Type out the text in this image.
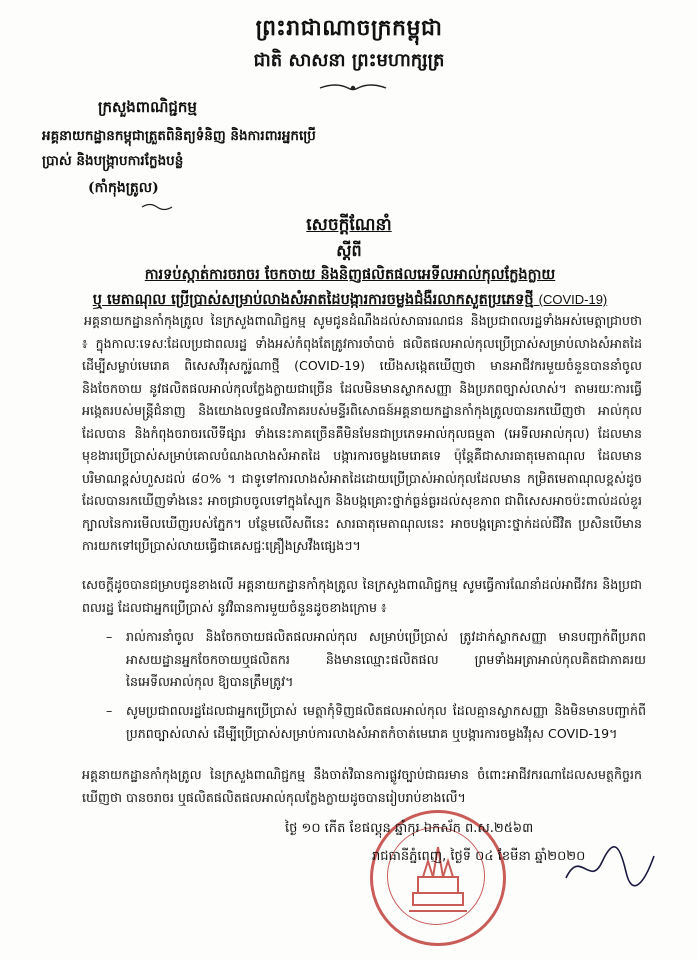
ព្រះរាជាណាចក្រកម្ពុជា
ជាតិ សាសនា ព្រះមហាក្សត្រ
ក្រសួងពាណិជ្ជកម្ម
អគ្គនាយកដ្ឋានកម្ពុជាត្រួតពិនិត្យទំនិញ និងការពារអ្នកប្រើប្រាស់ និងបង្ក្រាបការក្លែងបន្លំ
(កាំកុងត្រូល)
សេចក្ដីណែនាំ
ស្ដីពី
ការទប់ស្កាត់ការចរាចរ ចែកចាយ និងនិញផលិតផលអេទីលអាល់កុលក្លែងក្លាយ
ឬ មេតាណុល ប្រើប្រាស់សម្រាប់លាងសំអាតដៃបង្ការការចម្លងជំងឺរលាកសួតប្រភេទថ្មី (COVID-19)
អគ្គនាយកដ្ឋានកាំកុងត្រូល នៃក្រសួងពាណិជ្ជកម្ម សូមជូនដំណឹងដល់សាធារណជន និងប្រជាពលរដ្ឋទាំងអស់មេត្តាជ្រាបថា ៖ ក្នុងកាលៈទេសៈដែលប្រជាពលរដ្ឋ ទាំងអស់កំពុងតែត្រូវការចាំបាច់ ផលិតផលអាល់កុលប្រើប្រាស់សម្រាប់លាងសំអាតដៃ ដើម្បីសម្លាប់មេរោគ ពិសេសវីរុសកូរ៉ូណាថ្មី (COVID-19) យើងសង្កេតឃើញថា មានអាជីវករមួយចំនួនបាននាំចូល និងចែកចាយ នូវផលិតផលអាល់កុលក្លែងក្លាយជាច្រើន ដែលមិនមានស្លាកសញ្ញា និងប្រភពច្បាស់លាស់។ តាមរយៈការធ្វើអង្កេតរបស់មន្ត្រីជំនាញ និងយោងលទ្ធផលវិភាគរបស់មន្ទីរពិសោធន៍អគ្គនាយកដ្ឋានកាំកុងត្រូលបានរកឃើញថា អាល់កុលដែលបាន និងកំពុងចរាចរលើទីផ្សារ ទាំងនេះភាគច្រើនគឺមិនមែនជាប្រភេទអាល់កុលធម្មតា (អេទីលអាល់កុល) ដែលមានមុខងារប្រើប្រាស់សម្រាប់គោលបំណងលាងសំអាតដៃ បង្ការការចម្លងមេរោគទេ ប៉ុន្តែគឺជាសារធាតុមេតាណុល ដែលមានបរិមាណខ្ពស់ហួសដល់ ៨០% ។ ជាទូទៅការលាងសំអាតដៃដោយប្រើប្រាស់អាល់កុលដែលមាន កម្រិតមេតាណុលខ្ពស់ដូចដែលបានរកឃើញទាំងនេះ អាចជ្រាបចូលទៅក្នុងស្បែក និងបង្កគ្រោះថ្នាក់ធ្ងន់ធ្ងរដល់សុខភាព ជាពិសេសអាចប៉ះពាល់ដល់ខួរក្បាលនៃការមើលឃើញរបស់ភ្នែក។ បន្ថែមលើសពីនេះ សារធាតុមេតាណុលនេះ អាចបង្កគ្រោះថ្នាក់ដល់ជីវិត ប្រសិនបើមានការយកទៅប្រើប្រាស់លាយធ្វើជាគេសជ្ជៈគ្រឿងស្រវឹងផ្សេងៗ។
សេចក្ដីដូចបានជម្រាបជូនខាងលើ អគ្គនាយកដ្ឋានកាំកុងត្រូល នៃក្រសួងពាណិជ្ជកម្ម សូមធ្វើការណែនាំដល់អាជីវករ និងប្រជាពលរដ្ឋ ដែលជាអ្នកប្រើប្រាស់ នូវវិធានការមួយចំនួនដូចខាងក្រោម ៖
– រាល់ការនាំចូល និងចែកចាយផលិតផលអាល់កុល សម្រាប់ប្រើប្រាស់ ត្រូវដាក់ស្លាកសញ្ញា មានបញ្ជាក់ពីប្រភព អាសយដ្ឋានអ្នកចែកចាយឬផលិតករ និងមានឈ្មោះផលិតផល ព្រមទាំងអត្រាអាល់កុលគិតជាភាគរយនៃអេទីលអាល់កុល ឱ្យបានត្រឹមត្រូវ។
– សូមប្រជាពលរដ្ឋដែលជាអ្នកប្រើប្រាស់ មេត្តាកុំទិញផលិតផលអាល់កុល ដែលគ្មានស្លាកសញ្ញា និងមិនមានបញ្ជាក់ពីប្រភពច្បាស់លាស់ ដើម្បីប្រើប្រាស់សម្រាប់ការលាងសំអាតកំចាត់មេរោគ ឬបង្ការការចម្លងវីរុស COVID-19។
អគ្គនាយកដ្ឋានកាំកុងត្រូល នៃក្រសួងពាណិជ្ជកម្ម នឹងចាត់វិធានការផ្លូវច្បាប់ជាធរមាន ចំពោះអាជីវករណាដែលសមត្ថកិច្ចរកឃើញថា បានចរាចរ ឬផលិតផលិតផលអាល់កុលក្លែងក្លាយដូចបានរៀបរាប់ខាងលើ។
ថ្ងៃ​ ១០ កើត ខែផល្គុន ឆ្នាំកុរ ឯកស័ក ព.ស.២៥៦៣
រាជធានីភ្នំពេញ, ថ្ងៃទី ០៤ ខែមីនា ឆ្នាំ២០២០
